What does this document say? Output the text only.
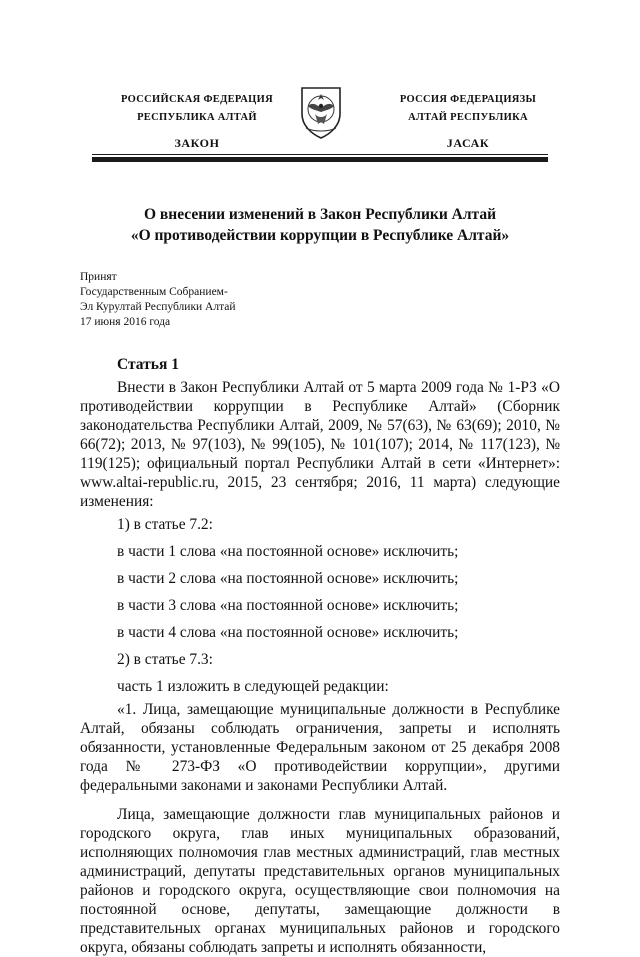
РОССИЙСКАЯ ФЕДЕРАЦИЯ
РЕСПУБЛИКА АЛТАЙ
ЗАКОН
РОССИЯ ФЕДЕРАЦИЯЗЫ
АЛТАЙ РЕСПУБЛИКА
ЈАСАК
О внесении изменений в Закон Республики Алтай
«О противодействии коррупции в Республике Алтай»
Принят
Государственным Собранием-
Эл Курултай Республики Алтай
17 июня 2016 года
Статья 1

Внести в Закон Республики Алтай от 5 марта 2009 года № 1-РЗ «О противодействии коррупции в Республике Алтай» (Сборник законодательства Республики Алтай, 2009, № 57(63), № 63(69); 2010, № 66(72); 2013, № 97(103), № 99(105), № 101(107); 2014, № 117(123), № 119(125); официальный портал Республики Алтай в сети «Интернет»: www.altai-republic.ru, 2015, 23 сентября; 2016, 11 марта) следующие изменения:

1) в статье 7.2:

в части 1 слова «на постоянной основе» исключить;

в части 2 слова «на постоянной основе» исключить;

в части 3 слова «на постоянной основе» исключить;

в части 4 слова «на постоянной основе» исключить;

2) в статье 7.3:

часть 1 изложить в следующей редакции:

«1. Лица, замещающие муниципальные должности в Республике Алтай, обязаны соблюдать ограничения, запреты и исполнять обязанности, установленные Федеральным законом от 25 декабря 2008 года № 273-ФЗ «О противодействии коррупции», другими федеральными законами и законами Республики Алтай.

Лица, замещающие должности глав муниципальных районов и городского округа, глав иных муниципальных образований, исполняющих полномочия глав местных администраций, глав местных администраций, депутаты представительных органов муниципальных районов и городского округа, осуществляющие свои полномочия на постоянной основе, депутаты, замещающие должности в представительных органах муниципальных районов и городского округа, обязаны соблюдать запреты и исполнять обязанности,
